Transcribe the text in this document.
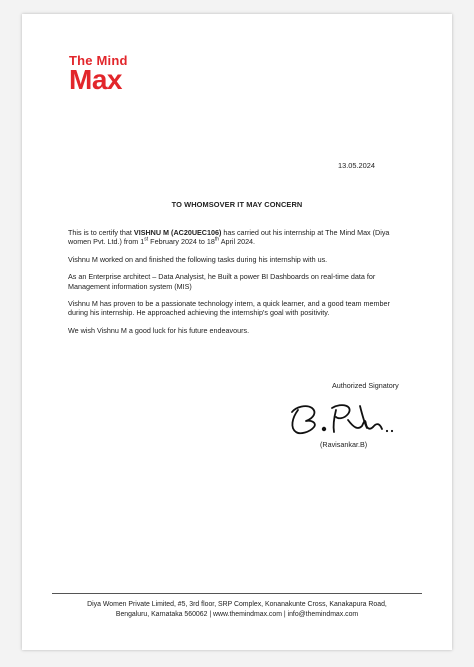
The Mind
Max
13.05.2024
TO WHOMSOVER IT MAY CONCERN

This is to certify that VISHNU M (AC20UEC106) has carried out his internship at The Mind Max (Diya women Pvt. Ltd.) from 1st February 2024 to 18th April 2024.

Vishnu M worked on and finished the following tasks during his internship with us.

As an Enterprise architect – Data Analysist, he Built a power BI Dashboards on real-time data for Management information system (MIS)

Vishnu M has proven to be a passionate technology intern, a quick learner, and a good team member during his internship. He approached achieving the internship's goal with positivity.

We wish Vishnu M a good luck for his future endeavours.

Authorized Signatory
(Ravisankar.B)
Diya Women Private Limited, #5, 3rd floor, SRP Complex, Konanakunte Cross, Kanakapura Road,
Bengaluru, Karnataka 560062 | www.themindmax.com | info@themindmax.com
